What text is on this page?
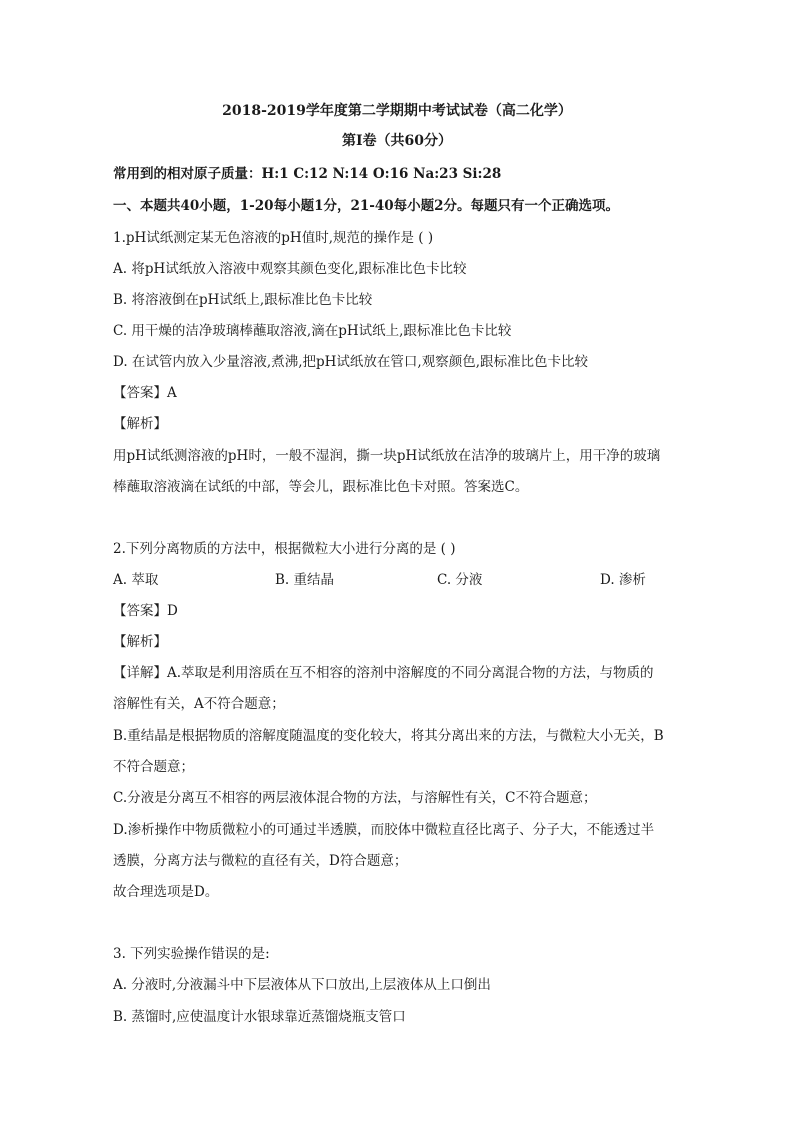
2018-2019学年度第二学期期中考试试卷（高二化学）
第Ⅰ卷（共60分）
常用到的相对原子质量：H:1 C:12 N:14 O:16 Na:23 Si:28
一、本题共40小题，1-20每小题1分，21-40每小题2分。每题只有一个正确选项。
1.pH试纸测定某无色溶液的pH值时,规范的操作是 ( )
A. 将pH试纸放入溶液中观察其颜色变化,跟标准比色卡比较
B. 将溶液倒在pH试纸上,跟标准比色卡比较
C. 用干燥的洁净玻璃棒蘸取溶液,滴在pH试纸上,跟标准比色卡比较
D. 在试管内放入少量溶液,煮沸,把pH试纸放在管口,观察颜色,跟标准比色卡比较
【答案】A
【解析】
用pH试纸测溶液的pH时，一般不湿润，撕一块pH试纸放在洁净的玻璃片上，用干净的玻璃
棒蘸取溶液滴在试纸的中部，等会儿，跟标准比色卡对照。答案选C。
2.下列分离物质的方法中，根据微粒大小进行分离的是 ( )
A. 萃取	B. 重结晶	C. 分液	D. 渗析
【答案】D
【解析】
【详解】A.萃取是利用溶质在互不相容的溶剂中溶解度的不同分离混合物的方法，与物质的
溶解性有关，A不符合题意；
B.重结晶是根据物质的溶解度随温度的变化较大，将其分离出来的方法，与微粒大小无关，B
不符合题意；
C.分液是分离互不相容的两层液体混合物的方法，与溶解性有关，C不符合题意；
D.渗析操作中物质微粒小的可通过半透膜，而胶体中微粒直径比离子、分子大，不能透过半
透膜，分离方法与微粒的直径有关，D符合题意；
故合理选项是D。
3. 下列实验操作错误的是:
A. 分液时,分液漏斗中下层液体从下口放出,上层液体从上口倒出
B. 蒸馏时,应使温度计水银球靠近蒸馏烧瓶支管口
